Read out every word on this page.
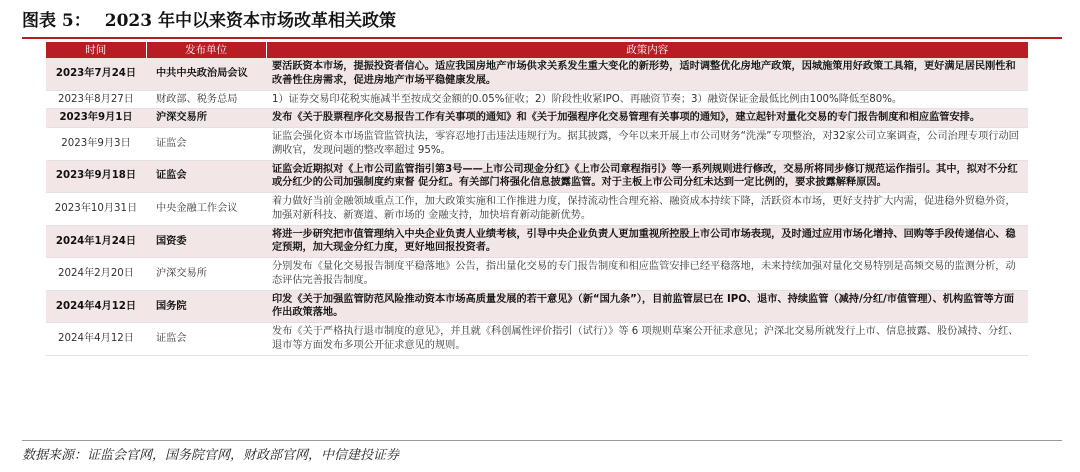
图表 5： 2023 年中以来资本市场改革相关政策
时间	发布单位	政策内容
2023年7月24日	中共中央政治局会议	要活跃资本市场，提振投资者信心。适应我国房地产市场供求关系发生重大变化的新形势，适时调整优化房地产政策，因城施策用好政策工具箱，更好满足居民刚性和改善性住房需求，促进房地产市场平稳健康发展。
2023年8月27日	财政部、税务总局	1）证券交易印花税实施减半至按成交金额的0.05%征收；2）阶段性收紧IPO、再融资节奏；3）融资保证金最低比例由100%降低至80%。
2023年9月1日	沪深交易所	发布《关于股票程序化交易报告工作有关事项的通知》和《关于加强程序化交易管理有关事项的通知》，建立起针对量化交易的专门报告制度和相应监管安排。
2023年9月3日	证监会	证监会强化资本市场监管监管执法，零容忍地打击违法违规行为。据其披露，今年以来开展上市公司财务“洗澡”专项整治，对32家公司立案调查，公司治理专项行动回溯收官，发现问题的整改率超过 95%。
2023年9月18日	证监会	证监会近期拟对《上市公司监管指引第3号——上市公司现金分红》《上市公司章程指引》等一系列规则进行修改，交易所将同步修订规范运作指引。其中，拟对不分红或分红少的公司加强制度约束督 促分红。有关部门将强化信息披露监管。对于主板上市公司分红未达到一定比例的，要求披露解释原因。
2023年10月31日	中央金融工作会议	着力做好当前金融领域重点工作，加大政策实施和工作推进力度，保持流动性合理充裕、融资成本持续下降，活跃资本市场，更好支持扩大内需，促进稳外贸稳外资，加强对新科技、新赛道、新市场的 金融支持，加快培育新动能新优势。
2024年1月24日	国资委	将进一步研究把市值管理纳入中央企业负责人业绩考核，引导中央企业负责人更加重视所控股上市公司市场表现，及时通过应用市场化增持、回购等手段传递信心、稳定预期，加大现金分红力度，更好地回报投资者。
2024年2月20日	沪深交易所	分别发布《量化交易报告制度平稳落地》公告，指出量化交易的专门报告制度和相应监管安排已经平稳落地，未来持续加强对量化交易特别是高频交易的监测分析，动态评估完善报告制度。
2024年4月12日	国务院	印发《关于加强监管防范风险推动资本市场高质量发展的若干意见》（新“国九条”），目前监管层已在 IPO、退市、持续监管（减持/分红/市值管理）、机构监管等方面作出政策落地。
2024年4月12日	证监会	发布《关于严格执行退市制度的意见》，并且就《科创属性评价指引（试行）》等 6 项规则草案公开征求意见；沪深北交易所就发行上市、信息披露、股份减持、分红、退市等方面发布多项公开征求意见的规则。
数据来源：证监会官网，国务院官网，财政部官网，中信建投证券
